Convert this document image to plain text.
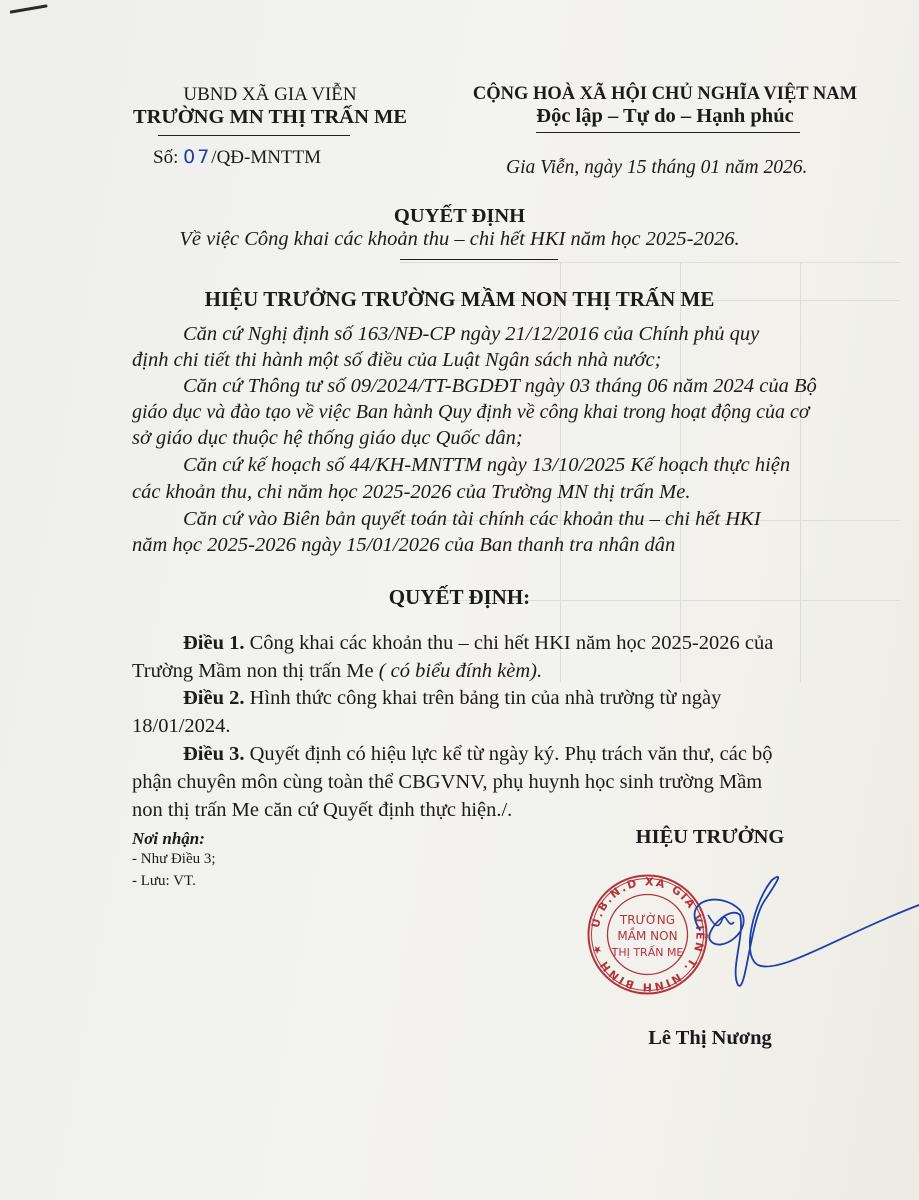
UBND XÃ GIA VIỄN
TRƯỜNG MN THỊ TRẤN ME
Số: 07/QĐ-MNTTM
CỘNG HOÀ XÃ HỘI CHỦ NGHĨA VIỆT NAM
Độc lập – Tự do – Hạnh phúc
Gia Viễn, ngày 15 tháng 01 năm 2026.
QUYẾT ĐỊNH
Về việc Công khai các khoản thu – chi hết HKI năm học 2025-2026.
HIỆU TRƯỞNG TRƯỜNG MẦM NON THỊ TRẤN ME
Căn cứ Nghị định số 163/NĐ-CP ngày 21/12/2016 của Chính phủ quy
định chi tiết thi hành một số điều của Luật Ngân sách nhà nước;
Căn cứ Thông tư số 09/2024/TT-BGDĐT ngày 03 tháng 06 năm 2024 của Bộ
giáo dục và đào tạo về việc Ban hành Quy định về công khai trong hoạt động của cơ
sở giáo dục thuộc hệ thống giáo dục Quốc dân;
Căn cứ kế hoạch số 44/KH-MNTTM ngày 13/10/2025 Kế hoạch thực hiện
các khoản thu, chi năm học 2025-2026 của Trường MN thị trấn Me.
Căn cứ vào Biên bản quyết toán tài chính các khoản thu – chi hết HKI
năm học 2025-2026 ngày 15/01/2026 của Ban thanh tra nhân dân
QUYẾT ĐỊNH:
Điều 1. Công khai các khoản thu – chi hết HKI năm học 2025-2026 của
Trường Mầm non thị trấn Me ( có biểu đính kèm).
Điều 2. Hình thức công khai trên bảng tin của nhà trường từ ngày
18/01/2024.
Điều 3. Quyết định có hiệu lực kể từ ngày ký. Phụ trách văn thư, các bộ
phận chuyên môn cùng toàn thể CBGVNV, phụ huynh học sinh trường Mầm
non thị trấn Me căn cứ Quyết định thực hiện./.
Nơi nhận:
- Như Điều 3;
- Lưu: VT.
HIỆU TRƯỞNG
U.B.N.D XÃ GIA VIỄN T. NINH BÌNH ★
TRƯỜNG
MẦM NON
THỊ TRẤN ME
Lê Thị Nương
